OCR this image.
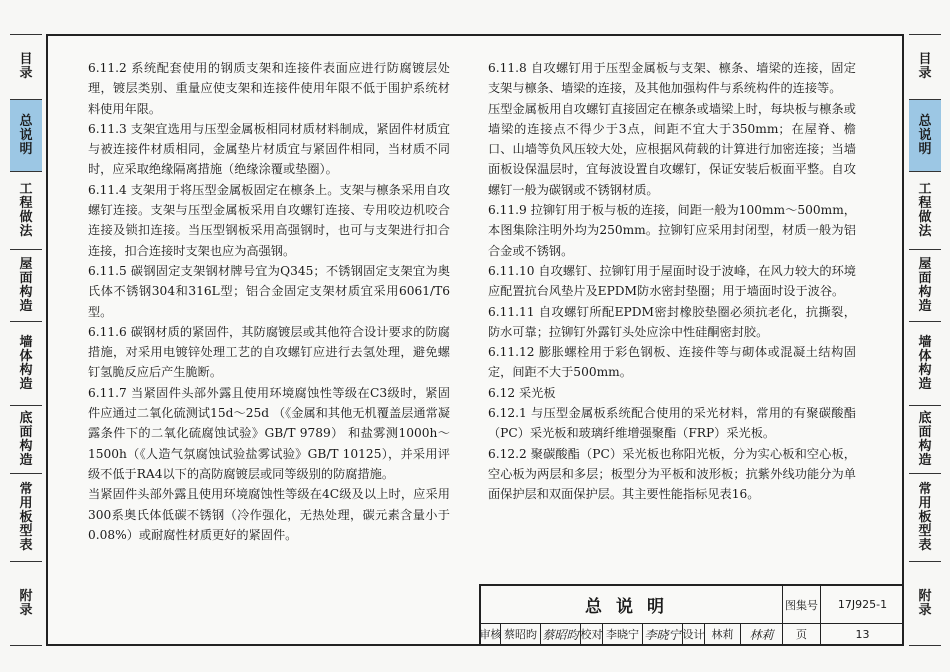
目录
总说明
工程做法
屋面构造
墙体构造
底面构造
常用板型表
附录
目录
总说明
工程做法
屋面构造
墙体构造
底面构造
常用板型表
附录

6.11.2 系统配套使用的钢质支架和连接件表面应进行防腐镀层处理，镀层类别、重量应使支架和连接件使用年限不低于围护系统材料使用年限。

6.11.3 支架宜选用与压型金属板相同材质材料制成，紧固件材质宜与被连接件材质相同，金属垫片材质宜与紧固件相同，当材质不同时，应采取绝缘隔离措施（绝缘涂覆或垫圈）。

6.11.4 支架用于将压型金属板固定在檩条上。支架与檩条采用自攻螺钉连接。支架与压型金属板采用自攻螺钉连接、专用咬边机咬合连接及锁扣连接。当压型钢板采用高强钢时，也可与支架进行扣合连接，扣合连接时支架也应为高强钢。

6.11.5 碳钢固定支架钢材牌号宜为Q345；不锈钢固定支架宜为奥氏体不锈钢304和316L型；铝合金固定支架材质宜采用6061/T6型。

6.11.6 碳钢材质的紧固件，其防腐镀层或其他符合设计要求的防腐措施，对采用电镀锌处理工艺的自攻螺钉应进行去氢处理，避免螺钉氢脆反应后产生脆断。

6.11.7 当紧固件头部外露且使用环境腐蚀性等级在C3级时，紧固件应通过二氧化硫测试15d～25d （《金属和其他无机覆盖层通常凝露条件下的二氧化硫腐蚀试验》GB/T 9789） 和盐雾测1000h～1500h（《人造气氛腐蚀试验盐雾试验》GB/T 10125），并采用评级不低于RA4以下的高防腐镀层或同等级别的防腐措施。

当紧固件头部外露且使用环境腐蚀性等级在4C级及以上时，应采用300系奥氏体低碳不锈钢（冷作强化，无热处理，碳元素含量小于0.08%）或耐腐性材质更好的紧固件。

6.11.8 自攻螺钉用于压型金属板与支架、檩条、墙梁的连接，固定支架与檩条、墙梁的连接，及其他加强构件与系统构件的连接等。

压型金属板用自攻螺钉直接固定在檩条或墙梁上时，每块板与檩条或墙梁的连接点不得少于3点，间距不宜大于350mm；在屋脊、檐口、山墙等负风压较大处，应根据风荷载的计算进行加密连接；当墙面板设保温层时，宜每波设置自攻螺钉，保证安装后板面平整。自攻螺钉一般为碳钢或不锈钢材质。

6.11.9 拉铆钉用于板与板的连接，间距一般为100mm～500mm，本图集除注明外均为250mm。拉铆钉应采用封闭型，材质一般为铝合金或不锈钢。

6.11.10 自攻螺钉、拉铆钉用于屋面时设于波峰，在风力较大的环境应配置抗台风垫片及EPDM防水密封垫圈；用于墙面时设于波谷。

6.11.11 自攻螺钉所配EPDM密封橡胶垫圈必须抗老化，抗撕裂，防水可靠；拉铆钉外露钉头处应涂中性硅酮密封胶。

6.11.12 膨胀螺栓用于彩色钢板、连接件等与砌体或混凝土结构固定，间距不大于500mm。

6.12 采光板

6.12.1 与压型金属板系统配合使用的采光材料，常用的有聚碳酸酯（PC）采光板和玻璃纤维增强聚酯（FRP）采光板。

6.12.2 聚碳酸酯（PC）采光板也称阳光板，分为实心板和空心板，空心板为两层和多层；板型分为平板和波形板；抗紫外线功能分为单面保护层和双面保护层。其主要性能指标见表16。

总说明	图集号	17J925-1
审核 蔡昭昀 蔡昭昀 校对 李晓宁 李晓宁 设计 林莉	林莉	页	13
